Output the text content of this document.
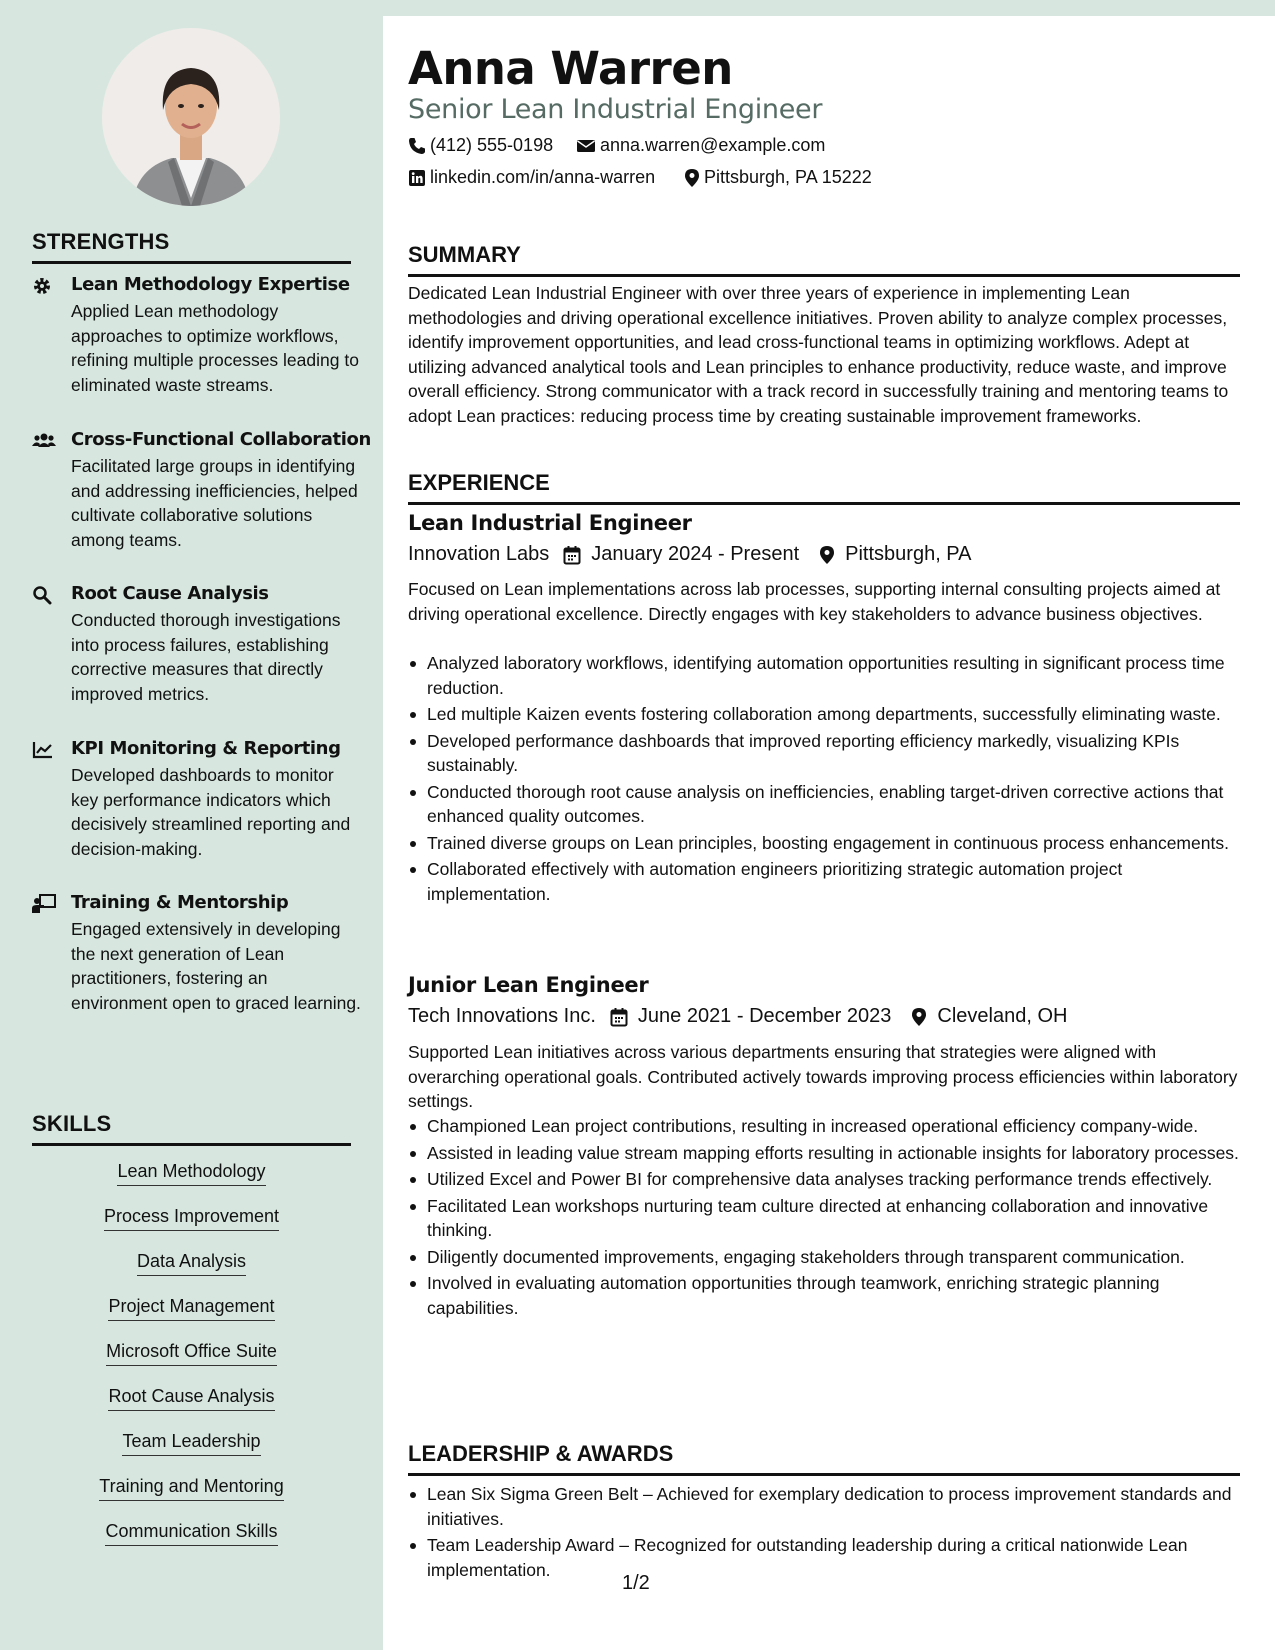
STRENGTHS
Lean Methodology Expertise
Applied Lean methodology approaches to optimize workflows, refining multiple processes leading to eliminated waste streams.
Cross-Functional Collaboration
Facilitated large groups in identifying and addressing inefficiencies, helped cultivate collaborative solutions among teams.
Root Cause Analysis
Conducted thorough investigations into process failures, establishing corrective measures that directly improved metrics.
KPI Monitoring & Reporting
Developed dashboards to monitor key performance indicators which decisively streamlined reporting and decision-making.
Training & Mentorship
Engaged extensively in developing the next generation of Lean practitioners, fostering an environment open to graced learning.
SKILLS
Lean Methodology
Process Improvement
Data Analysis
Project Management
Microsoft Office Suite
Root Cause Analysis
Team Leadership
Training and Mentoring
Communication Skills
Anna Warren
Senior Lean Industrial Engineer
(412) 555-0198	anna.warren@example.com
linkedin.com/in/anna-warren	Pittsburgh, PA 15222
SUMMARY
Dedicated Lean Industrial Engineer with over three years of experience in implementing Lean methodologies and driving operational excellence initiatives. Proven ability to analyze complex processes, identify improvement opportunities, and lead cross-functional teams in optimizing workflows. Adept at utilizing advanced analytical tools and Lean principles to enhance productivity, reduce waste, and improve overall efficiency. Strong communicator with a track record in successfully training and mentoring teams to adopt Lean practices: reducing process time by creating sustainable improvement frameworks.
EXPERIENCE
Lean Industrial Engineer
Innovation Labs January 2024 - Present Pittsburgh, PA
Focused on Lean implementations across lab processes, supporting internal consulting projects aimed at driving operational excellence. Directly engages with key stakeholders to advance business objectives.
Analyzed laboratory workflows, identifying automation opportunities resulting in significant process time reduction.
Led multiple Kaizen events fostering collaboration among departments, successfully eliminating waste.
Developed performance dashboards that improved reporting efficiency markedly, visualizing KPIs sustainably.
Conducted thorough root cause analysis on inefficiencies, enabling target-driven corrective actions that enhanced quality outcomes.
Trained diverse groups on Lean principles, boosting engagement in continuous process enhancements.
Collaborated effectively with automation engineers prioritizing strategic automation project implementation.
Junior Lean Engineer
Tech Innovations Inc. June 2021 - December 2023 Cleveland, OH
Supported Lean initiatives across various departments ensuring that strategies were aligned with overarching operational goals. Contributed actively towards improving process efficiencies within laboratory settings.
Championed Lean project contributions, resulting in increased operational efficiency company-wide.
Assisted in leading value stream mapping efforts resulting in actionable insights for laboratory processes.
Utilized Excel and Power BI for comprehensive data analyses tracking performance trends effectively.
Facilitated Lean workshops nurturing team culture directed at enhancing collaboration and innovative thinking.
Diligently documented improvements, engaging stakeholders through transparent communication.
Involved in evaluating automation opportunities through teamwork, enriching strategic planning capabilities.
LEADERSHIP & AWARDS
Lean Six Sigma Green Belt – Achieved for exemplary dedication to process improvement standards and initiatives.
Team Leadership Award – Recognized for outstanding leadership during a critical nationwide Lean implementation.
1/2
